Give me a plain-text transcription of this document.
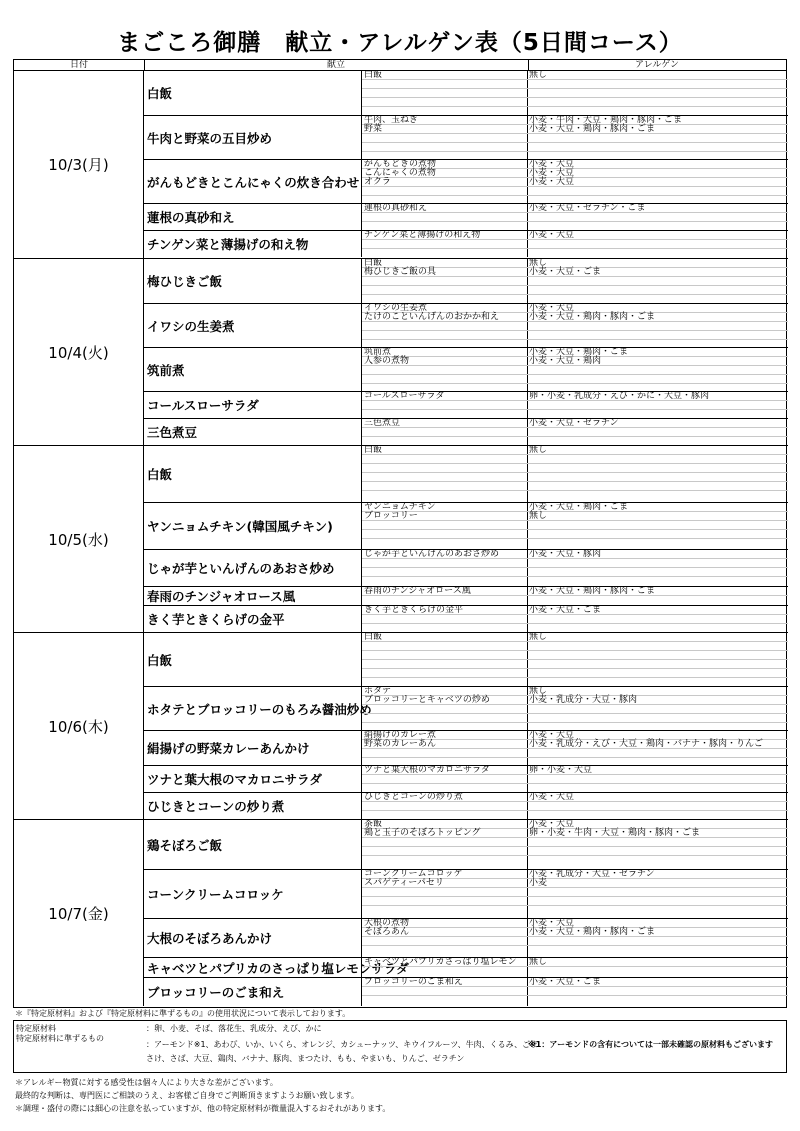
まごころ御膳　献立・アレルゲン表（5日間コース）
日付	献立	アレルゲン
10/3(月)
白飯
白飯	無し
牛肉と野菜の五目炒め
牛肉、玉ねぎ	小麦・牛肉・大豆・鶏肉・豚肉・ごま
野菜	小麦・大豆・鶏肉・豚肉・ごま
がんもどきとこんにゃくの炊き合わせ
がんもどきの煮物	小麦・大豆
こんにゃくの煮物	小麦・大豆
オクラ	小麦・大豆
蓮根の真砂和え
蓮根の真砂和え	小麦・大豆・ゼラチン・ごま
チンゲン菜と薄揚げの和え物
チンゲン菜と薄揚げの和え物	小麦・大豆
10/4(火)
梅ひじきご飯
白飯	無し
梅ひじきご飯の具	小麦・大豆・ごま
イワシの生姜煮
イワシの生姜煮	小麦・大豆
たけのこといんげんのおかか和え	小麦・大豆・鶏肉・豚肉・ごま
筑前煮
筑前煮	小麦・大豆・鶏肉・ごま
人参の煮物	小麦・大豆・鶏肉
コールスローサラダ
コールスローサラダ	卵・小麦・乳成分・えび・かに・大豆・豚肉
三色煮豆
三色煮豆	小麦・大豆・ゼラチン
10/5(水)
白飯
白飯	無し
ヤンニョムチキン(韓国風チキン)
ヤンニョムチキン	小麦・大豆・鶏肉・ごま
ブロッコリー	無し
じゃが芋といんげんのあおさ炒め
じゃが芋といんげんのあおさ炒め	小麦・大豆・豚肉
春雨のチンジャオロース風	春雨のチンジャオロース風	小麦・大豆・鶏肉・豚肉・ごま
きく芋ときくらげの金平
きく芋ときくらげの金平	小麦・大豆・ごま
10/6(木)
白飯
白飯	無し
ホタテとブロッコリーのもろみ醤油炒め
ホタテ	無し
ブロッコリーとキャベツの炒め	小麦・乳成分・大豆・豚肉
絹揚げの野菜カレーあんかけ
絹揚げのカレー煮	小麦・大豆
野菜のカレーあん	小麦・乳成分・えび・大豆・鶏肉・バナナ・豚肉・りんご
ツナと葉大根のマカロニサラダ
ツナと葉大根のマカロニサラダ	卵・小麦・大豆
ひじきとコーンの炒り煮
ひじきとコーンの炒り煮	小麦・大豆
10/7(金)
鶏そぼろご飯
茶飯	小麦・大豆
鶏と玉子のそぼろトッピング	卵・小麦・牛肉・大豆・鶏肉・豚肉・ごま
コーンクリームコロッケ
コーンクリームコロッケ	小麦・乳成分・大豆・ゼラチン
スパゲティーパセリ	小麦
大根のそぼろあんかけ
大根の煮物	小麦・大豆
そぼろあん	小麦・大豆・鶏肉・豚肉・ごま
キャベツとパプリカのさっぱり塩レモンサラダ
キャベツとパプリカさっぱり塩レモン 無し
ブロッコリーのごま和え
ブロッコリーのごま和え	小麦・大豆・ごま
＊『特定原材料』および『特定原材料に準ずるもの』の使用状況について表示しております。
特定原材料
特定原材料に準ずるもの
：卵、小麦、そば、落花生、乳成分、えび、かに
：アーモンド※1、あわび、いか、いくら、オレンジ、カシューナッツ、キウイフルーツ、牛肉、くるみ、ごま
さけ、さば、大豆、鶏肉、バナナ、豚肉、まつたけ、もも、やまいも、りんご、ゼラチン
※1：アーモンドの含有については一部未確認の原材料もございます
＊アレルギー物質に対する感受性は個々人により大きな差がございます。
最終的な判断は、専門医にご相談のうえ、お客様ご自身でご判断頂きますようお願い致します。
＊調理・盛付の際には細心の注意を払っていますが、他の特定原材料が微量混入するおそれがあります。
